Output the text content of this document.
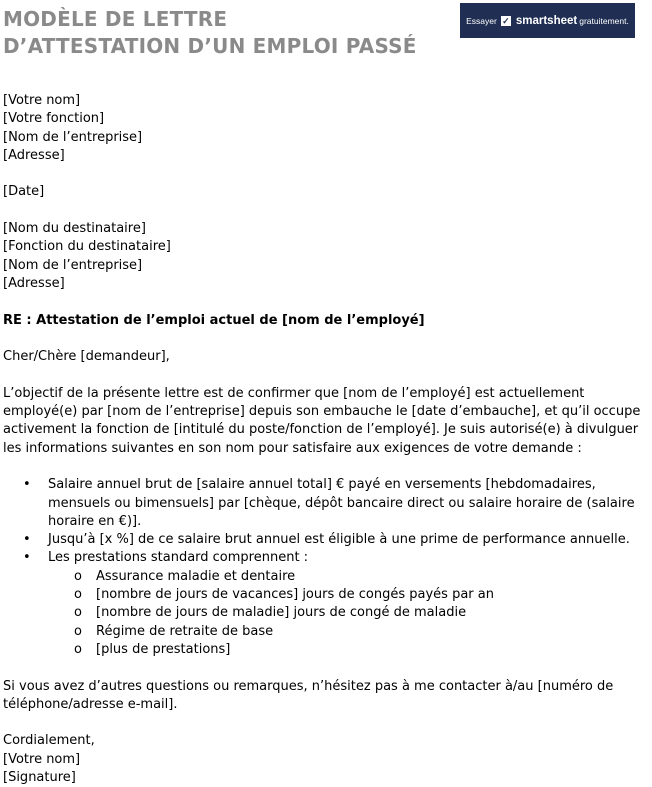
MODÈLE DE LETTRE
D’ATTESTATION D’UN EMPLOI PASSÉ
Essayer ✓ smartsheet gratuitement.

[Votre nom]

[Votre fonction]

[Nom de l’entreprise]

[Adresse]

[Date]

[Nom du destinataire]

[Fonction du destinataire]

[Nom de l’entreprise]

[Adresse]

RE : Attestation de l’emploi actuel de [nom de l’employé]

Cher/Chère [demandeur],

L’objectif de la présente lettre est de confirmer que [nom de l’employé] est actuellement employé(e) par [nom de l’entreprise] depuis son embauche le [date d’embauche], et qu’il occupe activement la fonction de [intitulé du poste/fonction de l’employé]. Je suis autorisé(e) à divulguer les informations suivantes en son nom pour satisfaire aux exigences de votre demande :

• Salaire annuel brut de [salaire annuel total] € payé en versements [hebdomadaires, mensuels ou bimensuels] par [chèque, dépôt bancaire direct ou salaire horaire de (salaire horaire en €)].
• Jusqu’à [x %] de ce salaire brut annuel est éligible à une prime de performance annuelle.
• Les prestations standard comprennent :
o Assurance maladie et dentaire
o [nombre de jours de vacances] jours de congés payés par an
o [nombre de jours de maladie] jours de congé de maladie
o Régime de retraite de base
o [plus de prestations]

Si vous avez d’autres questions ou remarques, n’hésitez pas à me contacter à/au [numéro de téléphone/adresse e-mail].

Cordialement,

[Votre nom]

[Signature]
